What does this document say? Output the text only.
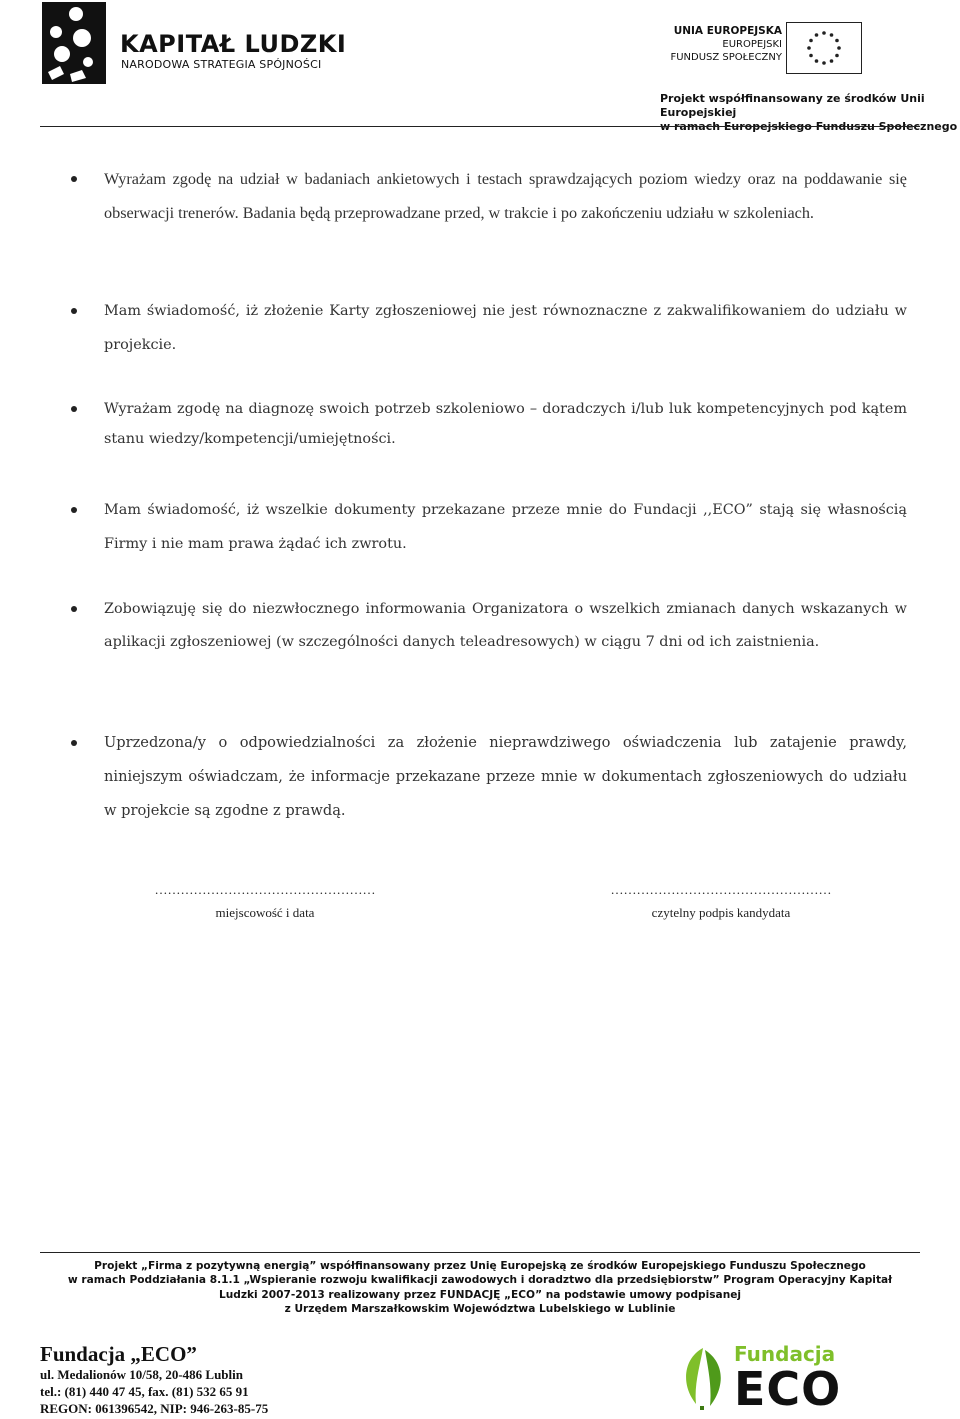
KAPITAŁ LUDZKI
NARODOWA STRATEGIA SPÓJNOŚCI
UNIA EUROPEJSKA
EUROPEJSKI
FUNDUSZ SPOŁECZNY
Projekt współfinansowany ze środków Unii Europejskiej
w ramach Europejskiego Funduszu Społecznego
Wyrażam zgodę na udział w badaniach ankietowych i testach sprawdzających poziom wiedzy oraz na poddawanie się obserwacji trenerów. Badania będą przeprowadzane przed, w trakcie i po zakończeniu udziału w szkoleniach.
Mam świadomość, iż złożenie Karty zgłoszeniowej nie jest równoznaczne z zakwalifikowaniem do udziału w projekcie.
Wyrażam zgodę na diagnozę swoich potrzeb szkoleniowo – doradczych i/lub luk kompetencyjnych pod kątem stanu wiedzy/kompetencji/umiejętności.
Mam świadomość, iż wszelkie dokumenty przekazane przeze mnie do Fundacji ,,ECO” stają się własnością Firmy i nie mam prawa żądać ich zwrotu.
Zobowiązuję się do niezwłocznego informowania Organizatora o wszelkich zmianach danych wskazanych w aplikacji zgłoszeniowej (w szczególności danych teleadresowych) w ciągu 7 dni od ich zaistnienia.
Uprzedzona/y o odpowiedzialności za złożenie nieprawdziwego oświadczenia lub zatajenie prawdy, niniejszym oświadczam, że informacje przekazane przeze mnie w dokumentach zgłoszeniowych do udziału w projekcie są zgodne z prawdą.
……………………………………………
miejscowość i data
……………………………………………
czytelny podpis kandydata
Projekt „Firma z pozytywną energią” współfinansowany przez Unię Europejską ze środków Europejskiego Funduszu Społecznego
w ramach Poddziałania 8.1.1 „Wspieranie rozwoju kwalifikacji zawodowych i doradztwo dla przedsiębiorstw” Program Operacyjny Kapitał
Ludzki 2007-2013 realizowany przez FUNDACJĘ „ECO” na podstawie umowy podpisanej
z Urzędem Marszałkowskim Województwa Lubelskiego w Lublinie
Fundacja „ECO”
ul. Medalionów 10/58, 20-486 Lublin
tel.: (81) 440 47 45, fax. (81) 532 65 91
REGON: 061396542, NIP: 946-263-85-75
Fundacja
ECO
